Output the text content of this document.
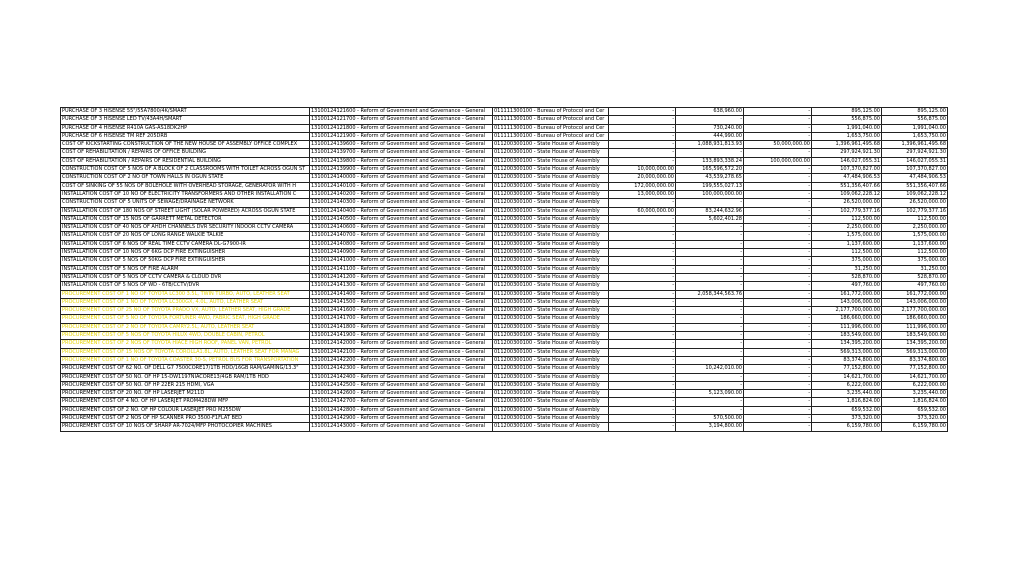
PURCHASE OF 3 HISENSE 55"/55A7800/4K/SMART	13100124121600 - Reform of Government and Governance - General	011111300100 - Bureau of Protocol and Cer	-	638,960.00	-	895,125.00	895,125.00
PURCHASE OF 3 HISENSE LED TV/43A4H/SMART	13100124121700 - Reform of Government and Governance - General	011111300100 - Bureau of Protocol and Cer	-	-	-	556,875.00	556,875.00
PURCHASE OF 4 HISENSE R410A GAS-AS18DK2HP	13100124121800 - Reform of Government and Governance - General	011111300100 - Bureau of Protocol and Cer	-	730,240.00	-	1,991,040.00	1,991,040.00
PURCHASE OF 6 HISENSE TM REF 205DRB	13100124121900 - Reform of Government and Governance - General	011111300100 - Bureau of Protocol and Cer	-	444,990.00	-	1,653,750.00	1,653,750.00
COST OF KICKSTARTING CONSTRUCTION OF THE NEW HOUSE OF ASSEMBLY OFFICE COMPLEX	13100124139600 - Reform of Government and Governance - General	011200300100 - State House of Assembly	-	1,088,931,813.93	50,000,000.00	1,396,961,495.68	1,396,961,495.68
COST OF REHABILITATION / REPAIRS OF OFFICE BUILDING	13100124139700 - Reform of Government and Governance - General	011200300100 - State House of Assembly	-	-	-	297,924,921.30	297,924,921.30
COST OF REHABILITATION / REPAIRS OF RESIDENTIAL BUILDING	13100124139800 - Reform of Government and Governance - General	011200300100 - State House of Assembly	-	133,893,338.24	100,000,000.00	146,027,055.31	146,027,055.31
CONSTRUCTION COST OF 5 NOS OF A BLOCK OF 2 CLASSROOMS WITH TOILET ACROSS OGUN ST	13100124139900 - Reform of Government and Governance - General	011200300100 - State House of Assembly	10,000,000.00	165,596,572.20	-	107,370,827.00	107,370,827.00
CONSTRUCTION COST OF 2 NO OF TOWN HALLS IN OGUN STATE	13100124140000 - Reform of Government and Governance - General	011200300100 - State House of Assembly	20,000,000.00	43,539,278.65	-	47,484,906.53	47,484,906.53
COST OF SINKING OF 55 NOS OF BOLEHOLE WITH OVERHEAD STORAGE, GENERATOR WITH H	13100124140100 - Reform of Government and Governance - General	011200300100 - State House of Assembly	172,000,000.00	199,555,027.13	-	551,356,407.66	551,356,407.66
INSTALLATION COST OF 10 NO OF ELECTRICITY TRANSFORMERS AND OTHER INSTALLATION C	13100124140200 - Reform of Government and Governance - General	011200300100 - State House of Assembly	13,000,000.00	100,000,000.00	-	109,062,228.12	109,062,228.12
CONSTRUCTION COST OF 5 UNITS OF SEWAGE/DRAINAGE NETWORK	13100124140300 - Reform of Government and Governance - General	011200300100 - State House of Assembly	-	-	-	26,520,000.00	26,520,000.00
INSTALLATION COST OF 180 NOS OF STREET LIGHT (SOLAR POWERED) ACROSS OGUN STATE	13100124140400 - Reform of Government and Governance - General	011200300100 - State House of Assembly	60,000,000.00	83,244,632.96	-	102,779,377.16	102,779,377.16
INSTALLATION COST OF 15 NOS OF GARRETT METAL DETECTOR	13100124140500 - Reform of Government and Governance - General	011200300100 - State House of Assembly	-	5,602,401.28	-	112,500.00	112,500.00
INSTALLATION COST OF 40 NOS OF AHDH CHANNELS DVR SECURITY INDOOR CCTV CAMERA	13100124140600 - Reform of Government and Governance - General	011200300100 - State House of Assembly	-	-	-	2,250,000.00	2,250,000.00
INSTALLATION COST OF 20 NOS OF LONG RANGE WALKIE TALKIE	13100124140700 - Reform of Government and Governance - General	011200300100 - State House of Assembly	-	-	-	1,575,000.00	1,575,000.00
INSTALLATION COST OF 6 NOS OF REAL TIME CCTV CAMERA DL-G7900-IR	13100124140800 - Reform of Government and Governance - General	011200300100 - State House of Assembly	-	-	-	1,137,600.00	1,137,600.00
INSTALLATION COST OF 10 NOS OF 6KG DCP FIRE EXTINGUISHER	13100124140900 - Reform of Government and Governance - General	011200300100 - State House of Assembly	-	-	-	112,500.00	112,500.00
INSTALLATION COST OF 5 NOS OF 50KG DCP FIRE EXTINGUISHER	13100124141000 - Reform of Government and Governance - General	011200300100 - State House of Assembly	-	-	-	375,000.00	375,000.00
INSTALLATION COST OF 5 NOS OF FIRE ALARM	13100124141100 - Reform of Government and Governance - General	011200300100 - State House of Assembly	-	-	-	31,250.00	31,250.00
INSTALLATION COST OF 5 NOS OF CCTV CAMERA & CLOUD DVR	13100124141200 - Reform of Government and Governance - General	011200300100 - State House of Assembly	-	-	-	528,870.00	528,870.00
INSTALLATION COST OF 5 NOS OF WD - 6TB/CCTV/DVR	13100124141300 - Reform of Government and Governance - General	011200300100 - State House of Assembly	-	-	-	497,760.00	497,760.00
PROCUREMENT COST OF 1 NO OF TOYOTA LC300 3.5L, TWIN TURBO, AUTO, LEATHER SEAT	13100124141400 - Reform of Government and Governance - General	011200300100 - State House of Assembly	-	2,058,344,563.76	-	161,772,000.00	161,772,000.00
PROCUREMENT COST OF 1 NO OF TOYOTA LC300GX, 4.0L, AUTO, LEATHER SEAT	13100124141500 - Reform of Government and Governance - General	011200300100 - State House of Assembly	-	-	-	143,006,000.00	143,006,000.00
PROCUREMENT COST OF 25 NO OF TOYOTA PRADO VX, AUTO, LEATHER SEAT, HIGH GRADE	13100124141600 - Reform of Government and Governance - General	011200300100 - State House of Assembly	-	-	-	2,177,700,000.00	2,177,700,000.00
PROCUREMENT COST OF 5 NO OF TOYOTA FORTUNER 4WD, FABRIC SEAT, HIGH GRADE	13100124141700 - Reform of Government and Governance - General	011200300100 - State House of Assembly	-	-	-	186,660,000.00	186,660,000.00
PROCUREMENT COST OF 2 NO OF TOYOTA CAMRY2.5L, AUTO, LEATHER SEAT	13100124141800 - Reform of Government and Governance - General	011200300100 - State House of Assembly	-	-	-	111,996,000.00	111,996,000.00
PROCUREMENT COST OF 5 NOS OF TOYOTA HILUX 4WD, DOUBLE CABIN, PETROL	13100124141900 - Reform of Government and Governance - General	011200300100 - State House of Assembly	-	-	-	183,549,000.00	183,549,000.00
PROCUREMENT COST OF 2 NOS OF TOYOTA HIACE HIGH ROOF, PANEL VAN, PETROL	13100124142000 - Reform of Government and Governance - General	011200300100 - State House of Assembly	-	-	-	134,395,200.00	134,395,200.00
PROCUREMENT COST OF 15 NOS OF TOYOTA COROLLA1.8L, AUTO, LEATHER SEAT FOR MANAG	13100124142100 - Reform of Government and Governance - General	011200300100 - State House of Assembly	-	-	-	569,313,000.00	569,313,000.00
PROCUREMENT COST OF 1 NO OF TOYOTA COASTER 30-S, PETROL BUS FOR TRANSPORTATION	13100124142200 - Reform of Government and Governance - General	011200300100 - State House of Assembly	-	-	-	83,374,800.00	83,374,800.00
PROCUREMENT COST OF 62 NO. OF DELL G7 7500CORE17/1TB HDD/16GB RAM/GAMING/13.3"	13100124142300 - Reform of Government and Governance - General	011200300100 - State House of Assembly	-	10,242,010.00	-	77,152,800.00	77,152,800.00
PROCUREMENT COST OF 50 NO. OF HP 15-DW1197NIACORE13/4GB RAM/1TB HDD	13100124142400 - Reform of Government and Governance - General	011200300100 - State House of Assembly	-	-	-	14,621,700.00	14,621,700.00
PROCUREMENT COST OF 50 NO. OF HP 22ER 215 HDMI, VGA	13100124142500 - Reform of Government and Governance - General	011200300100 - State House of Assembly	-	-	-	6,222,000.00	6,222,000.00
PROCUREMENT COST OF 20 NO. OF HP LASERJET M211D	13100124142600 - Reform of Government and Governance - General	011200300100 - State House of Assembly	-	5,123,090.00	-	3,235,440.00	3,235,440.00
PROCUREMENT COST OF 4 NO. OF HP LASERJET PROM428DW MFP	13100124142700 - Reform of Government and Governance - General	011200300100 - State House of Assembly	-	-	-	1,816,824.00	1,816,824.00
PROCUREMENT COST OF 2 NO. OF HP COLOUR LASERJET PRO M255DW	13100124142800 - Reform of Government and Governance - General	011200300100 - State House of Assembly	-	-	-	659,532.00	659,532.00
PROCUREMENT COST OF 2 NOS OF HP SCANNER PRO 3500-F1FLAT BED	13100124142900 - Reform of Government and Governance - General	011200300100 - State House of Assembly	-	570,500.00	-	373,320.00	373,320.00
PROCUREMENT COST OF 10 NOS OF SHARP AR-7024/MFP PHOTOCOPIER MACHINES	13100124143000 - Reform of Government and Governance - General	011200300100 - State House of Assembly	-	3,194,800.00	-	6,159,780.00	6,159,780.00
